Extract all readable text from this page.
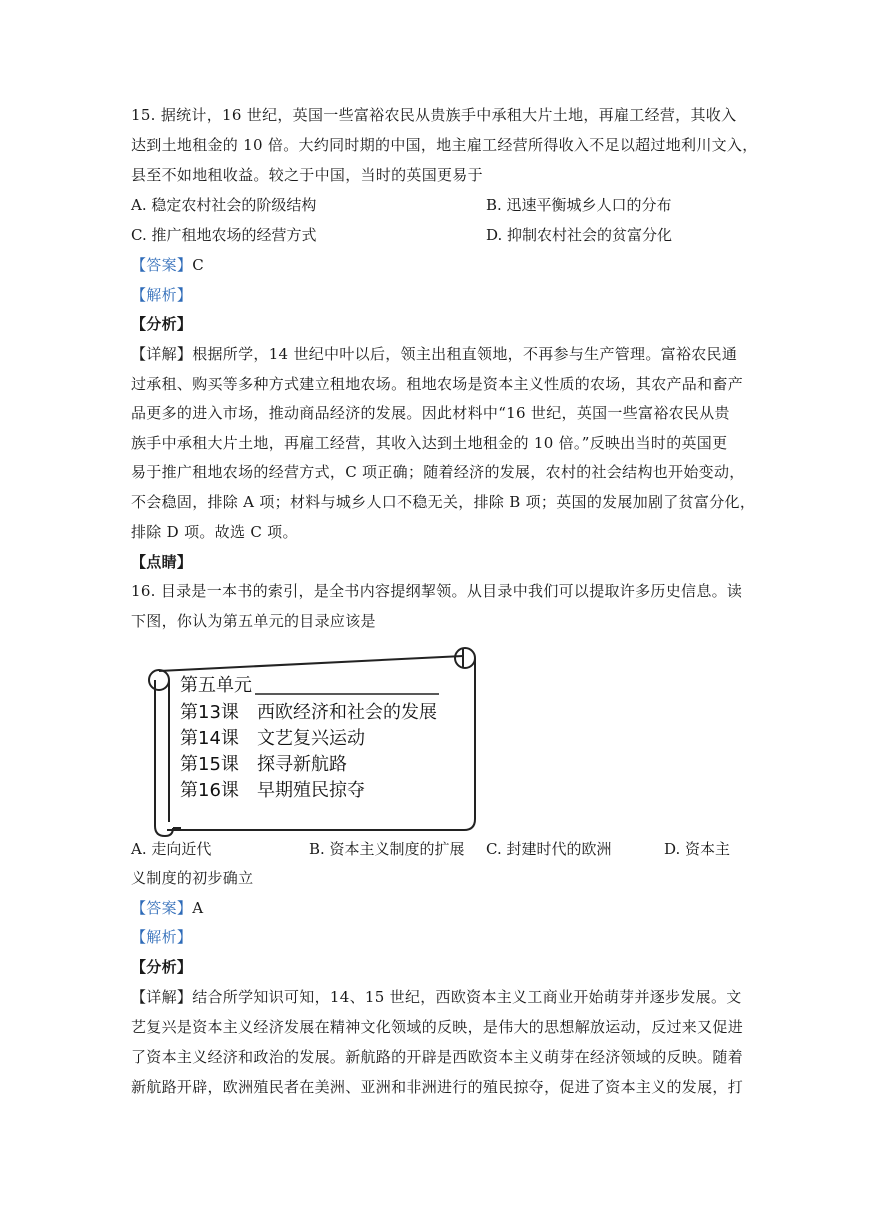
15. 据统计，16 世纪，英国一些富裕农民从贵族手中承租大片土地，再雇工经营，其收入
达到土地租金的 10 倍。大约同时期的中国，地主雇工经营所得收入不足以超过地利川文入，
县至不如地租收益。较之于中国，当时的英国更易于
A. 稳定农村社会的阶级结构	B. 迅速平衡城乡人口的分布
C. 推广租地农场的经营方式	D. 抑制农村社会的贫富分化
【答案】C
【解析】
【分析】
【详解】根据所学，14 世纪中叶以后，领主出租直领地，不再参与生产管理。富裕农民通
过承租、购买等多种方式建立租地农场。租地农场是资本主义性质的农场，其农产品和畜产
品更多的进入市场，推动商品经济的发展。因此材料中“16 世纪，英国一些富裕农民从贵
族手中承租大片土地，再雇工经营，其收入达到土地租金的 10 倍。”反映出当时的英国更
易于推广租地农场的经营方式，C 项正确；随着经济的发展，农村的社会结构也开始变动，
不会稳固，排除 A 项；材料与城乡人口不稳无关，排除 B 项；英国的发展加剧了贫富分化，
排除 D 项。故选 C 项。
【点睛】
16. 目录是一本书的索引，是全书内容提纲挈领。从目录中我们可以提取许多历史信息。读
下图，你认为第五单元的目录应该是
第五单元
第13课 西欧经济和社会的发展
第14课 文艺复兴运动
第15课 探寻新航路
第16课 早期殖民掠夺
A. 走向近代	B. 资本主义制度的扩展 C. 封建时代的欧洲	D. 资本主
义制度的初步确立
【答案】A
【解析】
【分析】
【详解】结合所学知识可知，14、15 世纪，西欧资本主义工商业开始萌芽并逐步发展。文
艺复兴是资本主义经济发展在精神文化领域的反映，是伟大的思想解放运动，反过来又促进
了资本主义经济和政治的发展。新航路的开辟是西欧资本主义萌芽在经济领域的反映。随着
新航路开辟，欧洲殖民者在美洲、亚洲和非洲进行的殖民掠夺，促进了资本主义的发展，打
